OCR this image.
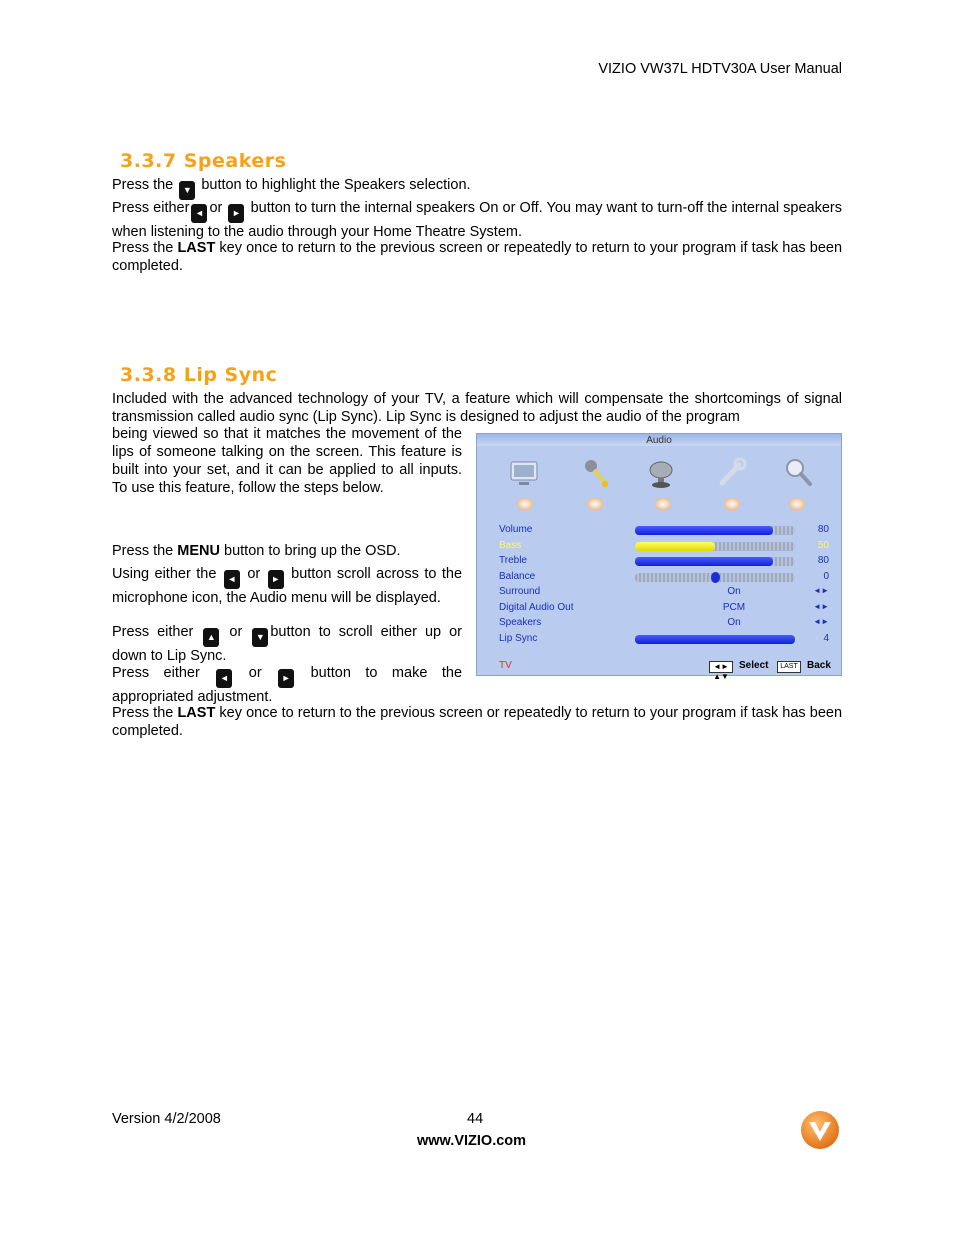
VIZIO VW37L HDTV30A User Manual
3.3.7 Speakers
Press the ▼ button to highlight the Speakers selection.
Press either ◄ or ► button to turn the internal speakers On or Off. You may want to turn-off the internal speakers when listening to the audio through your Home Theatre System.
Press the LAST key once to return to the previous screen or repeatedly to return to your program if task has been completed.
3.3.8 Lip Sync
Included with the advanced technology of your TV, a feature which will compensate the shortcomings of signal transmission called audio sync (Lip Sync). Lip Sync is designed to adjust the audio of the program
being viewed so that it matches the movement of the lips of someone talking on the screen. This feature is built into your set, and it can be applied to all inputs. To use this feature, follow the steps below.
Press the MENU button to bring up the OSD.
Using either the ◄ or ► button scroll across to the microphone icon, the Audio menu will be displayed.
Press either ▲ or ▼ button to scroll either up or down to Lip Sync.
Press either ◄ or ► button to make the appropriated adjustment.
Audio
Volume	80
Bass	50
Treble	80
Balance	0
Surround	On	◄►
Digital Audio Out	PCM	◄►
Speakers	On	◄►
Lip Sync	4
TV	◄► ▲▼
Select	LAST Back
Press the LAST key once to return to the previous screen or repeatedly to return to your program if task has been completed.
Version 4/2/2008	44
www.VIZIO.com
